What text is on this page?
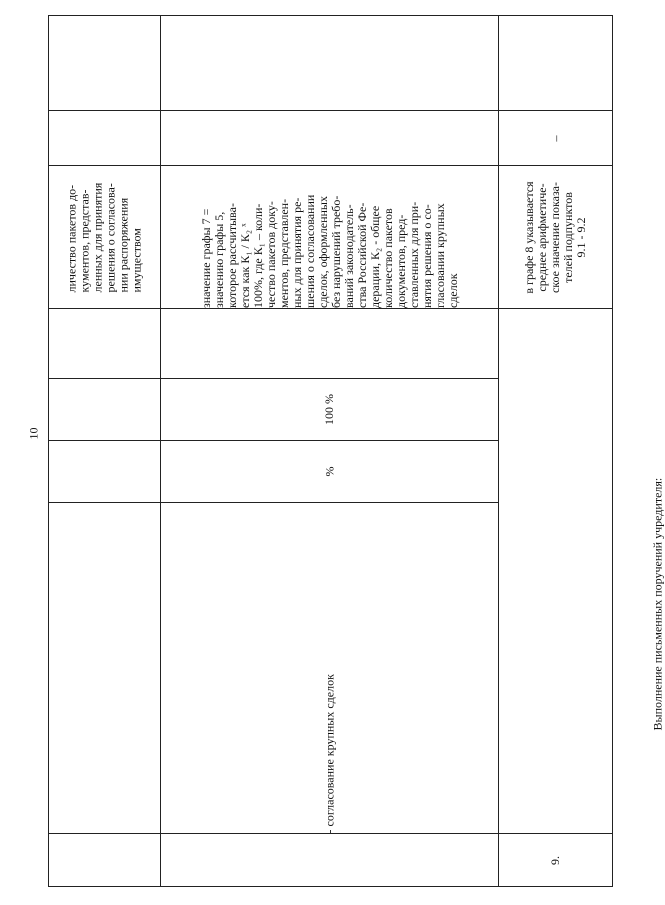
10
личество пакетов до-
кументов, представ-
ленных для принятия
решения о согласова-
нии распоряжения
имуществом
- согласование крупных сделок
%
100 %
значение графы 7 =
значению графы 5,
которое рассчитыва-
ется как К₁ / К₂ ˣ
100%, где К₁ – коли-
чество пакетов доку-
ментов, представлен-
ных для принятия ре-
шения о согласовании
сделок, оформленных
без нарушений требо-
ваний законодатель-
ства Российской Фе-
дерации, К₂ - общее
количество пакетов
документов, пред-
ставленных для при-
нятия решения о со-
гласовании крупных
сделок
9.
Выполнение письменных поручений учредителя:
в графе 8 указывается
среднее арифметиче-
ское значение показа-
телей подпунктов
9.1 - 9.2
–
